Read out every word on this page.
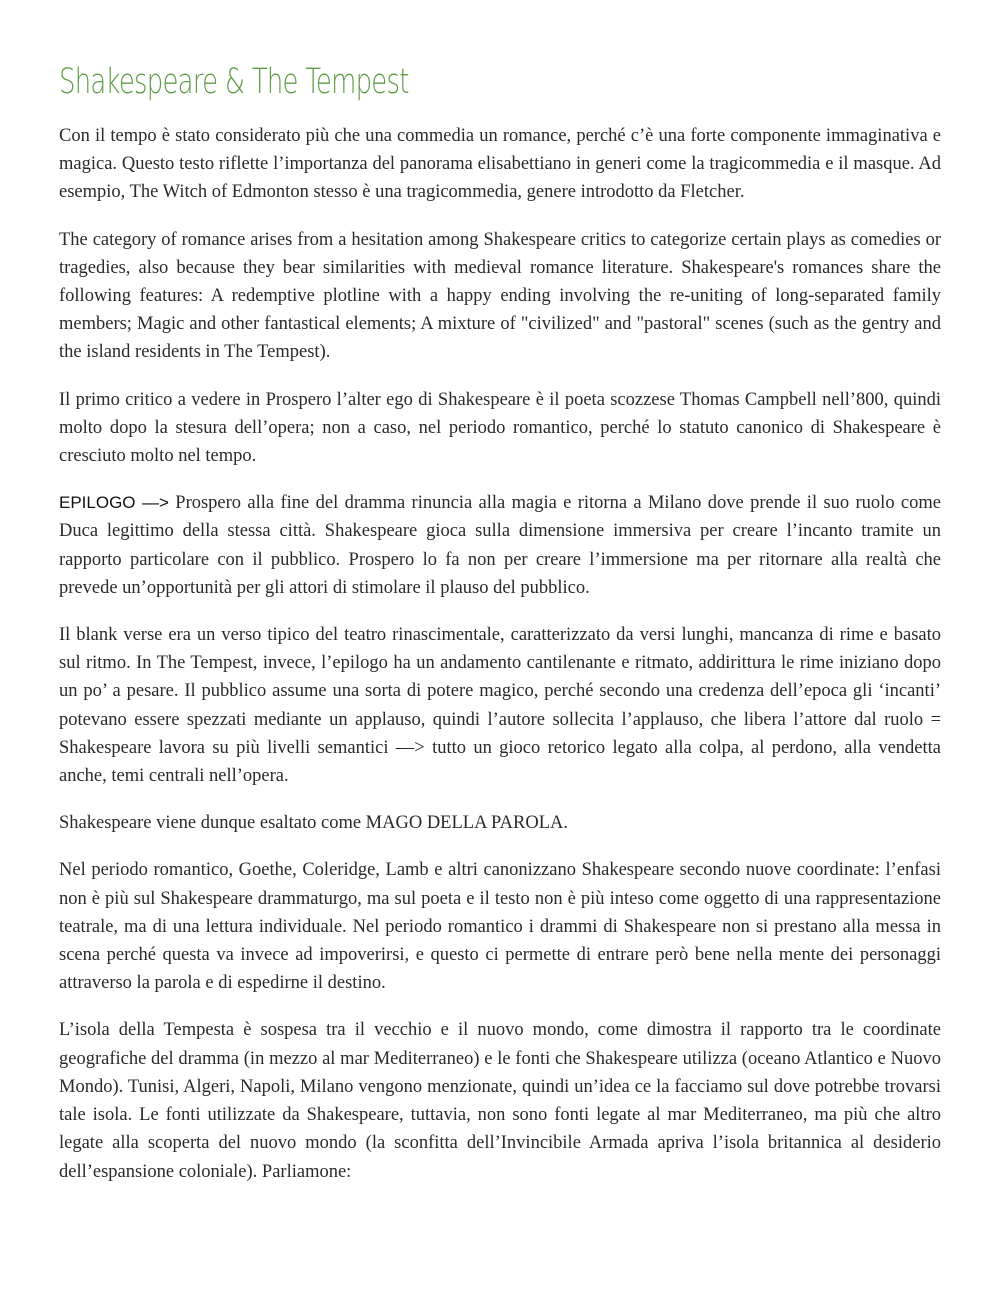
Shakespeare & The Tempest

Con il tempo è stato considerato più che una commedia un romance, perché c’è una forte componente immaginativa e magica. Questo testo riflette l’importanza del panorama elisabettiano in generi come la tragicommedia e il masque. Ad esempio, The Witch of Edmonton stesso è una tragicommedia, genere introdotto da Fletcher.

The category of romance arises from a hesitation among Shakespeare critics to categorize certain plays as comedies or tragedies, also because they bear similarities with medieval romance literature. Shakespeare's romances share the following features: A redemptive plotline with a happy ending involving the re-uniting of long-separated family members; Magic and other fantastical elements; A mixture of "civilized" and "pastoral" scenes (such as the gentry and the island residents in The Tempest).

Il primo critico a vedere in Prospero l’alter ego di Shakespeare è il poeta scozzese Thomas Campbell nell’800, quindi molto dopo la stesura dell’opera; non a caso, nel periodo romantico, perché lo statuto canonico di Shakespeare è cresciuto molto nel tempo.

EPILOGO —> Prospero alla fine del dramma rinuncia alla magia e ritorna a Milano dove prende il suo ruolo come Duca legittimo della stessa città. Shakespeare gioca sulla dimensione immersiva per creare l’incanto tramite un rapporto particolare con il pubblico. Prospero lo fa non per creare l’immersione ma per ritornare alla realtà che prevede un’opportunità per gli attori di stimolare il plauso del pubblico.

Il blank verse era un verso tipico del teatro rinascimentale, caratterizzato da versi lunghi, mancanza di rime e basato sul ritmo. In The Tempest, invece, l’epilogo ha un andamento cantilenante e ritmato, addirittura le rime iniziano dopo un po’ a pesare. Il pubblico assume una sorta di potere magico, perché secondo una credenza dell’epoca gli ‘incanti’ potevano essere spezzati mediante un applauso, quindi l’autore sollecita l’applauso, che libera l’attore dal ruolo = Shakespeare lavora su più livelli semantici —> tutto un gioco retorico legato alla colpa, al perdono, alla vendetta anche, temi centrali nell’opera.

Shakespeare viene dunque esaltato come MAGO DELLA PAROLA.

Nel periodo romantico, Goethe, Coleridge, Lamb e altri canonizzano Shakespeare secondo nuove coordinate: l’enfasi non è più sul Shakespeare drammaturgo, ma sul poeta e il testo non è più inteso come oggetto di una rappresentazione teatrale, ma di una lettura individuale. Nel periodo romantico i drammi di Shakespeare non si prestano alla messa in scena perché questa va invece ad impoverirsi, e questo ci permette di entrare però bene nella mente dei personaggi attraverso la parola e di espedirne il destino.

L’isola della Tempesta è sospesa tra il vecchio e il nuovo mondo, come dimostra il rapporto tra le coordinate geografiche del dramma (in mezzo al mar Mediterraneo) e le fonti che Shakespeare utilizza (oceano Atlantico e Nuovo Mondo). Tunisi, Algeri, Napoli, Milano vengono menzionate, quindi un’idea ce la facciamo sul dove potrebbe trovarsi tale isola. Le fonti utilizzate da Shakespeare, tuttavia, non sono fonti legate al mar Mediterraneo, ma più che altro legate alla scoperta del nuovo mondo (la sconfitta dell’Invincibile Armada apriva l’isola britannica al desiderio dell’espansione coloniale). Parliamone:
